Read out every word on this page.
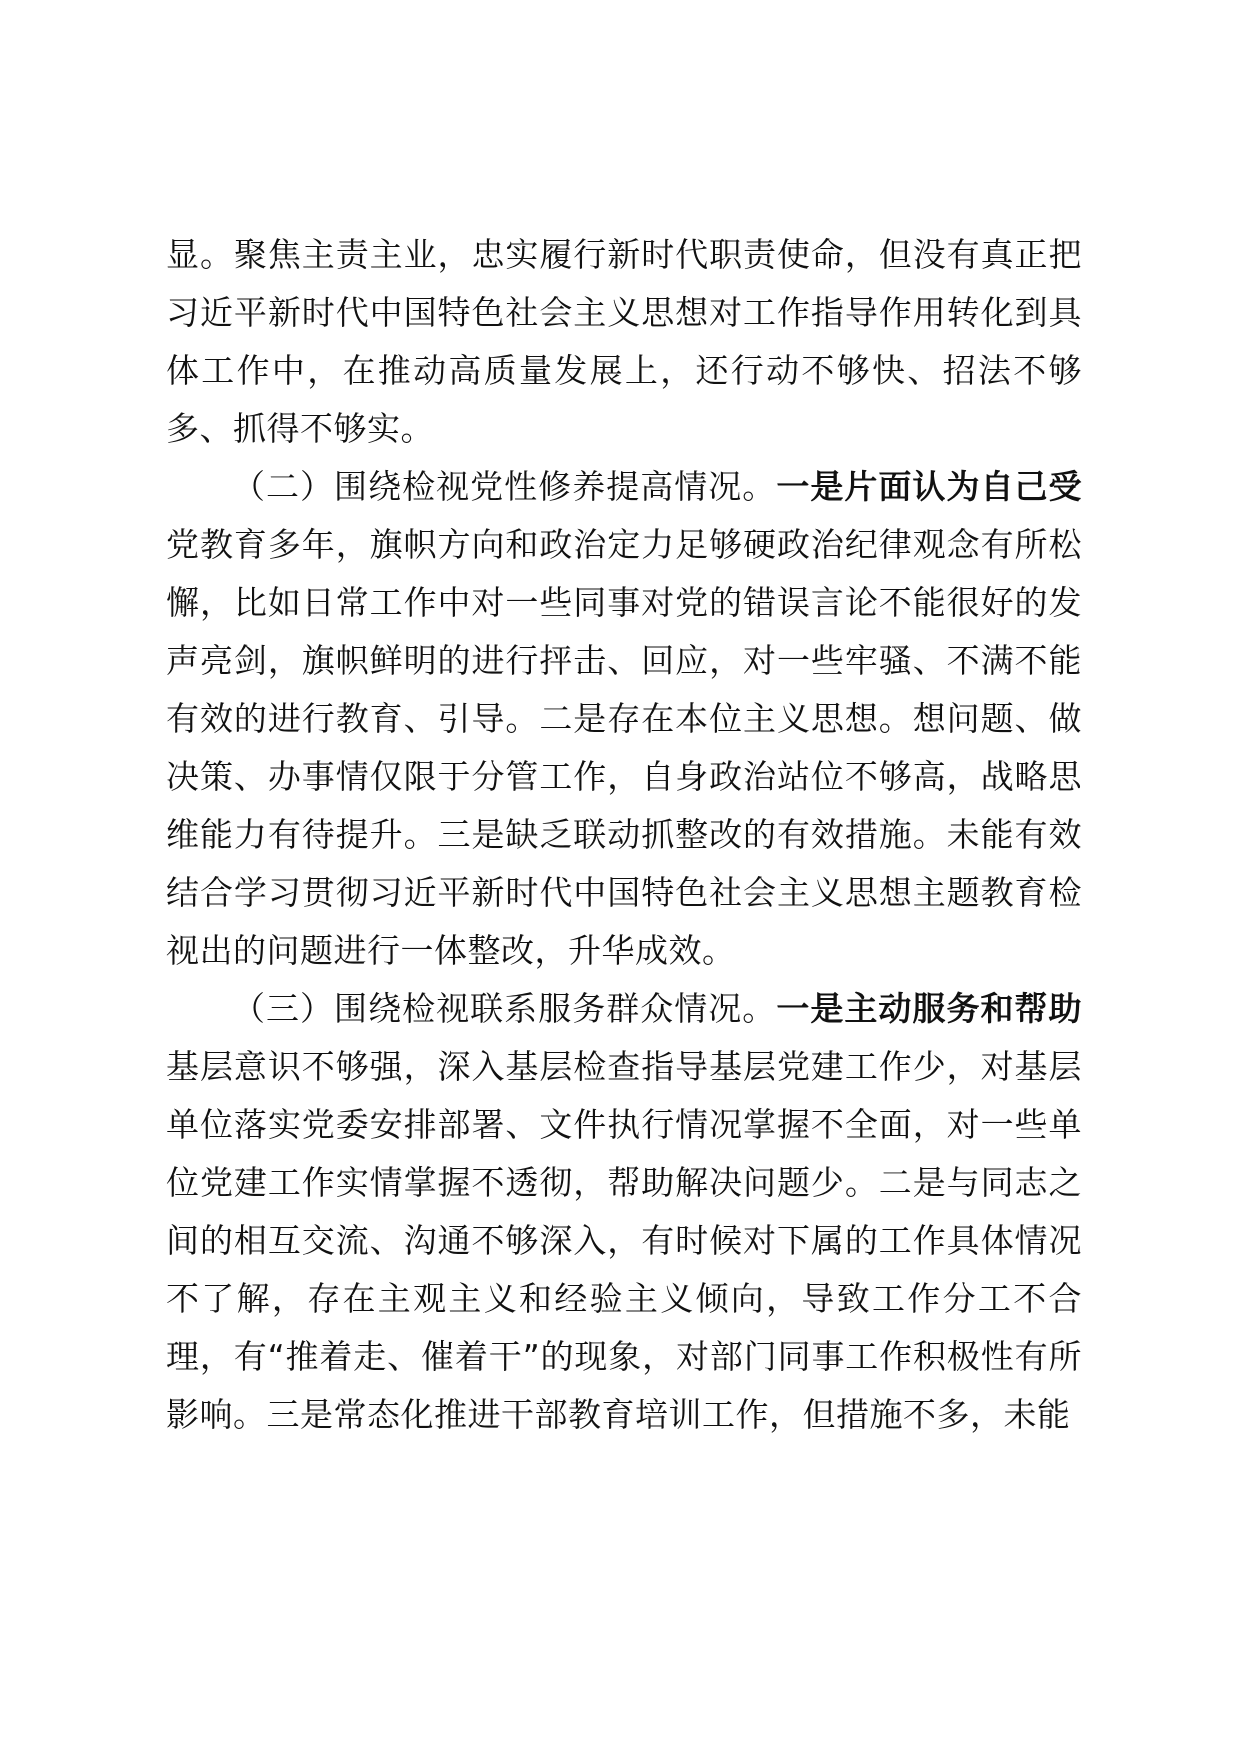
显。聚焦主责主业，忠实履行新时代职责使命，但没有真正把习近平新时代中国特色社会主义思想对工作指导作用转化到具体工作中，在推动高质量发展上，还行动不够快、招法不够多、抓得不够实。

（二）围绕检视党性修养提高情况。一是片面认为自己受党教育多年，旗帜方向和政治定力足够硬政治纪律观念有所松懈，比如日常工作中对一些同事对党的错误言论不能很好的发声亮剑，旗帜鲜明的进行抨击、回应，对一些牢骚、不满不能有效的进行教育、引导。二是存在本位主义思想。想问题、做决策、办事情仅限于分管工作，自身政治站位不够高，战略思维能力有待提升。三是缺乏联动抓整改的有效措施。未能有效结合学习贯彻习近平新时代中国特色社会主义思想主题教育检视出的问题进行一体整改，升华成效。

（三）围绕检视联系服务群众情况。一是主动服务和帮助基层意识不够强，深入基层检查指导基层党建工作少，对基层单位落实党委安排部署、文件执行情况掌握不全面，对一些单位党建工作实情掌握不透彻，帮助解决问题少。二是与同志之间的相互交流、沟通不够深入，有时候对下属的工作具体情况不了解，存在主观主义和经验主义倾向，导致工作分工不合理，有“推着走、催着干”的现象，对部门同事工作积极性有所影响。三是常态化推进干部教育培训工作，但措施不多，未能
